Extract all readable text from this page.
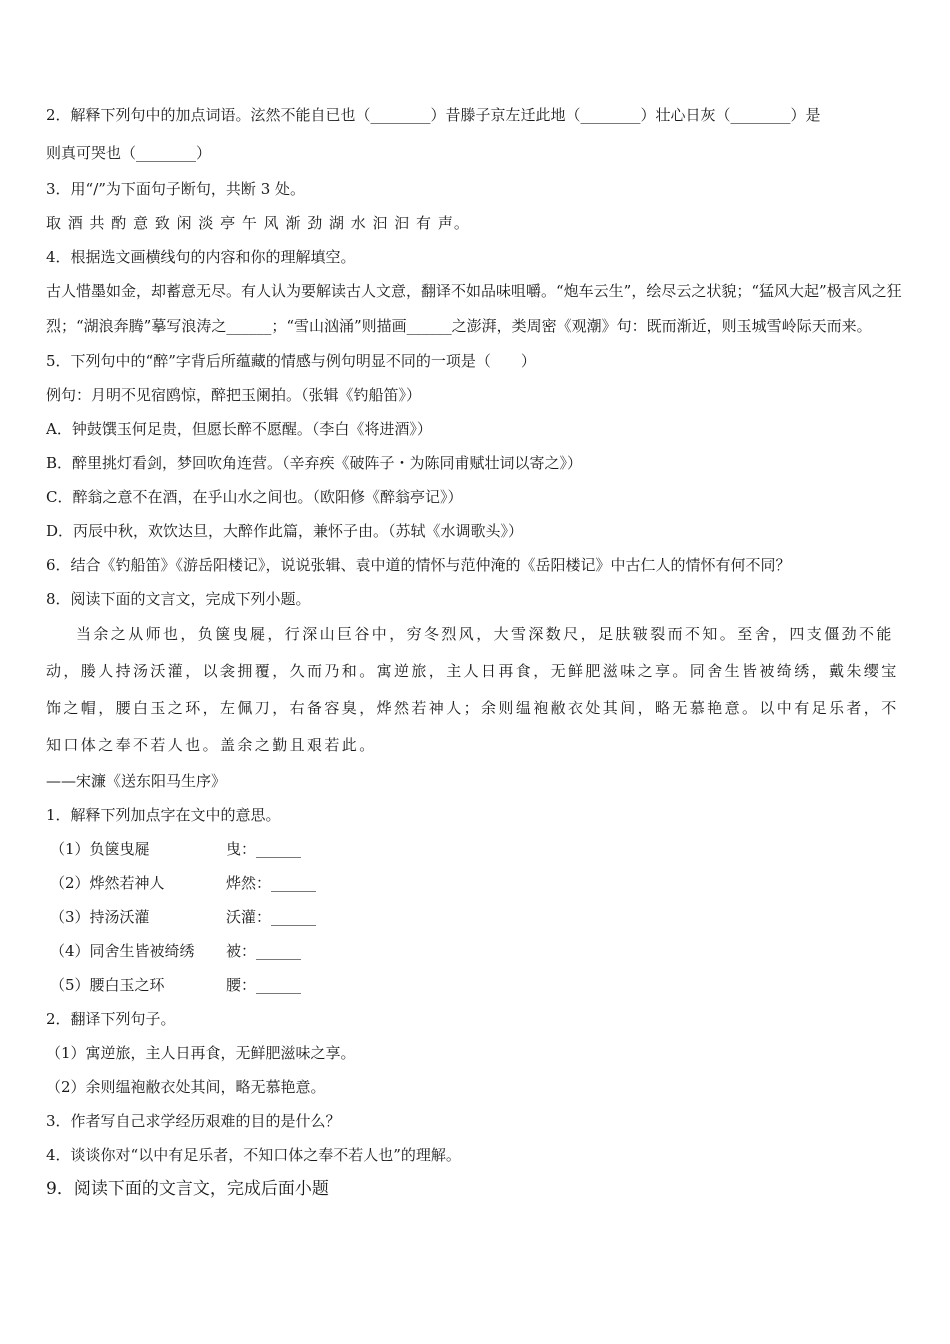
2．解释下列句中的加点词语。泫然不能自已也（________）昔滕子京左迁此地（________）壮心日灰（________）是
则真可哭也（________）
3．用“/”为下面句子断句，共断 3 处。
取 酒 共 酌 意 致 闲 淡 亭 午 风 渐 劲 湖 水 汩 汩 有 声。
4．根据选文画横线句的内容和你的理解填空。
古人惜墨如金，却蓄意无尽。有人认为要解读古人文意，翻译不如品味咀嚼。“炮车云生”，绘尽云之状貌；“猛风大起”极言风之狂烈；“湖浪奔腾”摹写浪涛之______；“雪山汹涌”则描画______之澎湃，类周密《观潮》句：既而渐近，则玉城雪岭际天而来。
5．下列句中的“醉”字背后所蕴藏的情感与例句明显不同的一项是（　　）
例句：月明不见宿鸥惊，醉把玉阑拍。（张辑《钓船笛》）
A．钟鼓馔玉何足贵，但愿长醉不愿醒。（李白《将进酒》）
B．醉里挑灯看剑，梦回吹角连营。（辛弃疾《破阵子・为陈同甫赋壮词以寄之》）
C．醉翁之意不在酒，在乎山水之间也。（欧阳修《醉翁亭记》）
D．丙辰中秋，欢饮达旦，大醉作此篇，兼怀子由。（苏轼《水调歌头》）
6．结合《钓船笛》《游岳阳楼记》，说说张辑、袁中道的情怀与范仲淹的《岳阳楼记》中古仁人的情怀有何不同？
8．阅读下面的文言文，完成下列小题。
当余之从师也，负箧曳屣，行深山巨谷中，穷冬烈风，大雪深数尺，足肤皲裂而不知。至舍，四支僵劲不能动，媵人持汤沃灌，以衾拥覆，久而乃和。寓逆旅，主人日再食，无鲜肥滋味之享。同舍生皆被绮绣，戴朱缨宝饰之帽，腰白玉之环，左佩刀，右备容臭，烨然若神人；余则缊袍敝衣处其间，略无慕艳意。以中有足乐者，不知口体之奉不若人也。盖余之勤且艰若此。
——宋濂《送东阳马生序》
1．解释下列加点字在文中的意思。
（1）负箧曳屣	曳：______
（2）烨然若神人	烨然：______
（3）持汤沃灌	沃灌：______
（4）同舍生皆被绮绣	被：______
（5）腰白玉之环	腰：______
2．翻译下列句子。
（1）寓逆旅，主人日再食，无鲜肥滋味之享。
（2）余则缊袍敝衣处其间，略无慕艳意。
3．作者写自己求学经历艰难的目的是什么？
4．谈谈你对“以中有足乐者，不知口体之奉不若人也”的理解。
9．阅读下面的文言文，完成后面小题
